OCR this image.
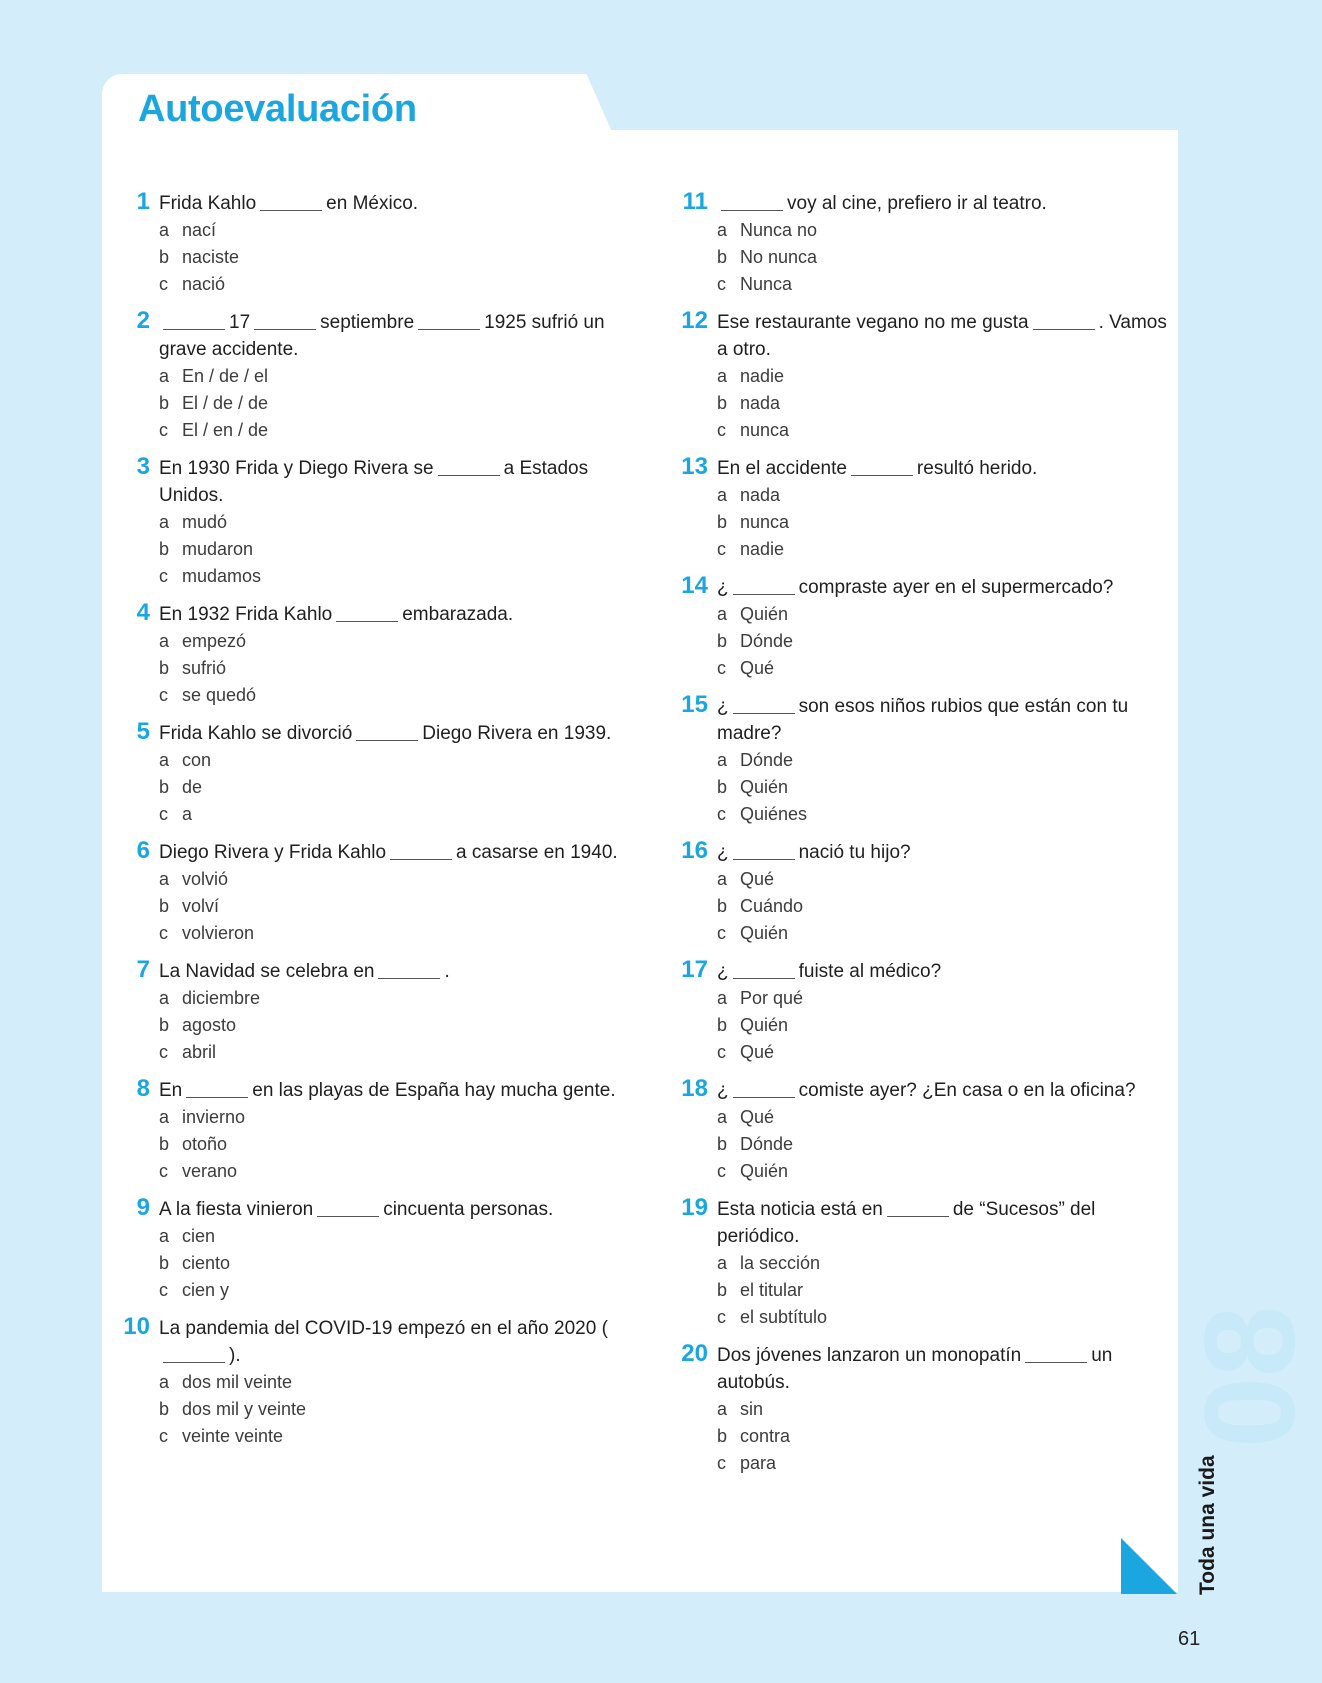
Autoevaluación
1 Frida Kahlo	en México.
a nací
b naciste
c nació
2	17	septiembre	1925 sufrió un grave accidente.
a En / de / el
b El / de / de
c El / en / de
3 En 1930 Frida y Diego Rivera se	a Estados Unidos.
a mudó
b mudaron
c mudamos
4 En 1932 Frida Kahlo	embarazada.
a empezó
b sufrió
c se quedó
5 Frida Kahlo se divorció	Diego Rivera en 1939.
a con
b de
c a
6 Diego Rivera y Frida Kahlo	a casarse en 1940.
a volvió
b volví
c volvieron
7 La Navidad se celebra en	.
a diciembre
b agosto
c abril
8 En	en las playas de España hay mucha gente.
a invierno
b otoño
c verano
9 A la fiesta vinieron	cincuenta personas.
a cien
b ciento
c cien y
10 La pandemia del COVID-19 empezó en el año 2020 ().
a dos mil veinte
b dos mil y veinte
c veinte veinte
11	voy al cine, prefiero ir al teatro.
a Nunca no
b No nunca
c Nunca
12 Ese restaurante vegano no me gusta	. Vamos a otro.
a nadie
b nada
c nunca
13 En el accidente	resultó herido.
a nada
b nunca
c nadie
14 ¿	compraste ayer en el supermercado?
a Quién
b Dónde
c Qué
15 ¿	son esos niños rubios que están con tu madre?
a Dónde
b Quién
c Quiénes
16 ¿	nació tu hijo?
a Qué
b Cuándo
c Quién
17 ¿	fuiste al médico?
a Por qué
b Quién
c Qué
18 ¿	comiste ayer? ¿En casa o en la oficina?
a Qué
b Dónde
c Quién
19 Esta noticia está en	de “Sucesos” del periódico.
a la sección
b el titular
c el subtítulo
20 Dos jóvenes lanzaron un monopatín	un autobús.
a sin
b contra
c para
08
Toda una vida
61
